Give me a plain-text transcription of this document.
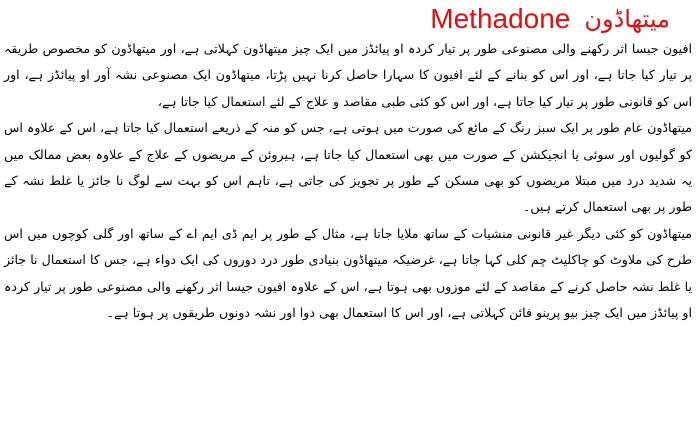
Methadone میتھاڈون

افیون جیسا اثر رکھنے والی مصنوعی طور پر تیار کردہ او پیائڈز میں ایک چیز میتھاڈون کہلاتی ہے، اور میتھاڈون کو مخصوص طریقہ پر تیار کیا جاتا ہے، اور اس کو بنانے کے لئے افیون کا سہارا حاصل کرنا نہیں پڑتا، میتھاڈون ایک مصنوعی نشہ آور او پیائڈز ہے، اور اس کو قانونی طور پر تیار کیا جاتا ہے، اور اس کو کئی طبی مقاصد و علاج کے لئے استعمال کیا جاتا ہے،

میتھاڈون عام طور پر ایک سبز رنگ کے مائع کی صورت میں ہوتی ہے، جس کو منہ کے ذریعے استعمال کیا جاتا ہے، اس کے علاوہ اس کو گولیوں اور سوئی یا انجیکشن کے صورت میں بھی استعمال کیا جاتا ہے، ہیروئن کے مریضوں کے علاج کے علاوہ بعض ممالک میں یہ شدید درد میں مبتلا مریضوں کو بھی مسکن کے طور پر تجویز کی جاتی ہے، تاہم اس کو بہت سے لوگ نا جائز یا غلط نشہ کے طور پر بھی استعمال کرتے ہیں۔

میتھاڈون کو کئی دیگر غیر قانونی منشیات کے ساتھ ملایا جاتا ہے، مثال کے طور پر ایم ڈی ایم اے کے ساتھ اور گلی کوچوں میں اس طرح کی ملاوٹ کو چاکلیٹ چم کلی کہا جاتا ہے، غرضیکہ میتھاڈون بنیادی طور درد دوروں کی ایک دواء ہے، جس کا استعمال نا جائز یا غلط نشہ حاصل کرنے کے مقاصد کے لئے موزوں بھی ہوتا ہے، اس کے علاوہ افیون جیسا اثر رکھنے والی مصنوعی طور پر تیار کردہ او پیائڈز میں ایک چیز بیو پرینو فائن کہلاتی ہے، اور اس کا استعمال بھی دوا اور نشہ دونوں طریقوں پر ہوتا ہے۔
